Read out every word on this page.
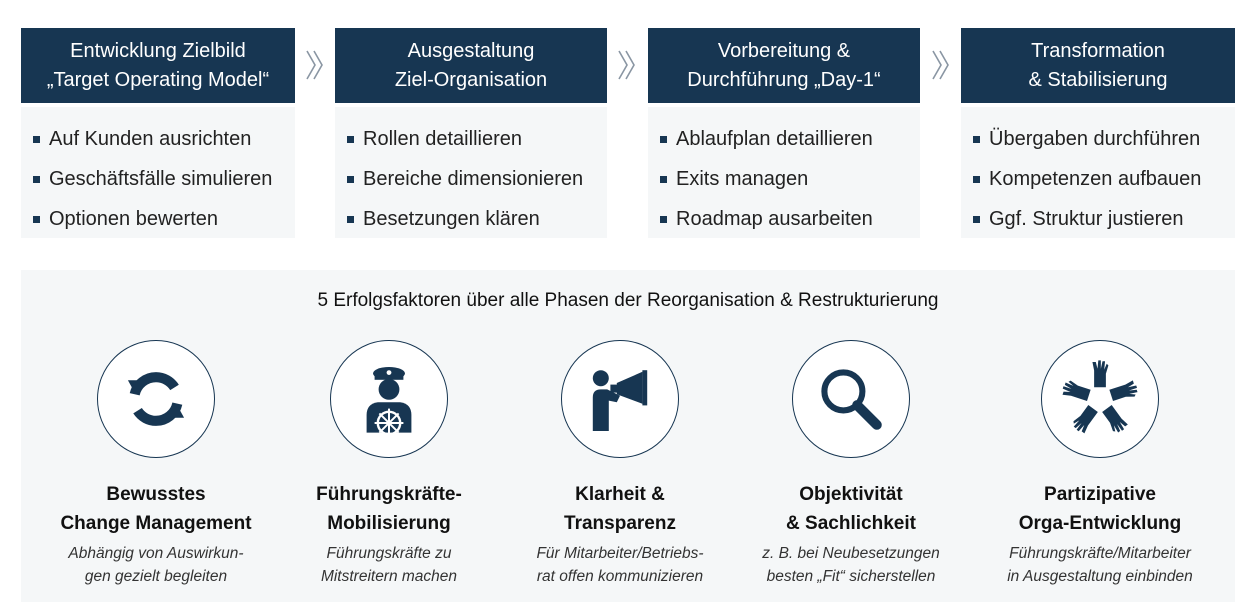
Entwicklung Zielbild
„Target Operating Model“
Auf Kunden ausrichten
Geschäftsfälle simulieren
Optionen bewerten
Ausgestaltung
Ziel-Organisation
Rollen detaillieren
Bereiche dimensionieren
Besetzungen klären
Vorbereitung &
Durchführung „Day-1“
Ablaufplan detaillieren
Exits managen
Roadmap ausarbeiten
Transformation
& Stabilisierung
Übergaben durchführen
Kompetenzen aufbauen
Ggf. Struktur justieren
5 Erfolgsfaktoren über alle Phasen der Reorganisation & Restrukturierung
Bewusstes
Change Management
Abhängig von Auswirkun-
gen gezielt begleiten
Führungskräfte-
Mobilisierung
Führungskräfte zu
Mitstreitern machen
Klarheit &
Transparenz
Für Mitarbeiter/Betriebs-
rat offen kommunizieren
Objektivität
& Sachlichkeit
z. B. bei Neubesetzungen
besten „Fit“ sicherstellen
Partizipative
Orga-Entwicklung
Führungskräfte/Mitarbeiter
in Ausgestaltung einbinden
